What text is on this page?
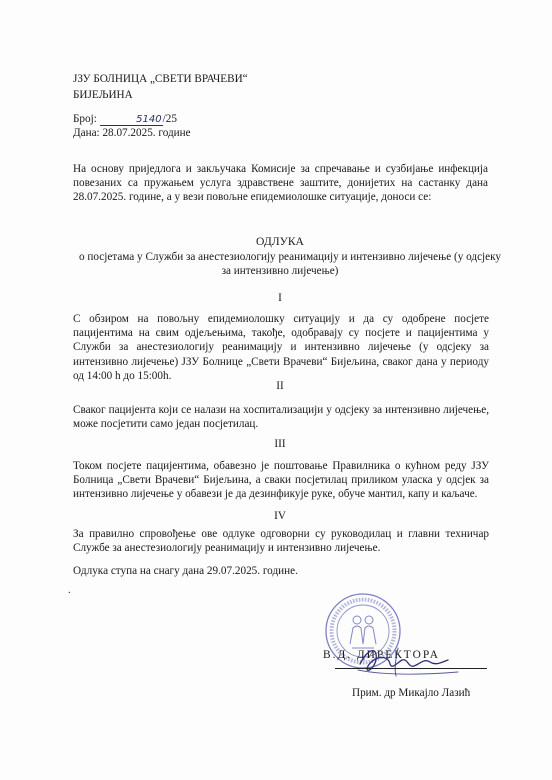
ЈЗУ БОЛНИЦА „СВЕТИ ВРАЧЕВИ“
БИЈЕЉИНА
Број:	5140/25
Дана: 28.07.2025. године
На основу приједлога и закључака Комисије за спречавање и сузбијање инфекција повезаних са пружањем услуга здравствене заштите, донијетих на састанку дана 28.07.2025. године, а у вези повољне епидемиолошке ситуације, доноси се:
ОДЛУКА
о посјетама у Служби за анестезиологију реанимацију и интензивно лијечење (у одсјеку
за интензивно лијечење)
I
С обзиром на повољну епидемиолошку ситуацију и да су одобрене посјете пацијентима на свим одјељењима, такође, одобравају су посјете и пацијентима у Служби за анестезиологију реанимацију и интензивно лијечење (у одсјеку за интензивно лијечење) ЈЗУ Болнице „Свети Врачеви“ Бијељина, сваког дана у периоду од 14:00 h до 15:00h.
II
Сваког пацијента који се налази на хоспитализацији у одсјеку за интензивно лијечење, може посјетити само један посјетилац.
III
Током посјете пацијентима, обавезно је поштовање Правилника о кућном реду ЈЗУ Болница „Свети Врачеви“ Бијељина, а сваки посјетилац приликом уласка у одсјек за интензивно лијечење у обавези је да дезинфикује руке, обуче мантил, капу и каљаче.
IV
За правилно спровођење ове одлуке одговорни су руководилац и главни техничар Службе за анестезиологију реанимацију и интензивно лијечење.
Одлука ступа на снагу дана 29.07.2025. године.
.
В.Д. ДИРЕКТОРА
Прим. др Микајло Лазић
